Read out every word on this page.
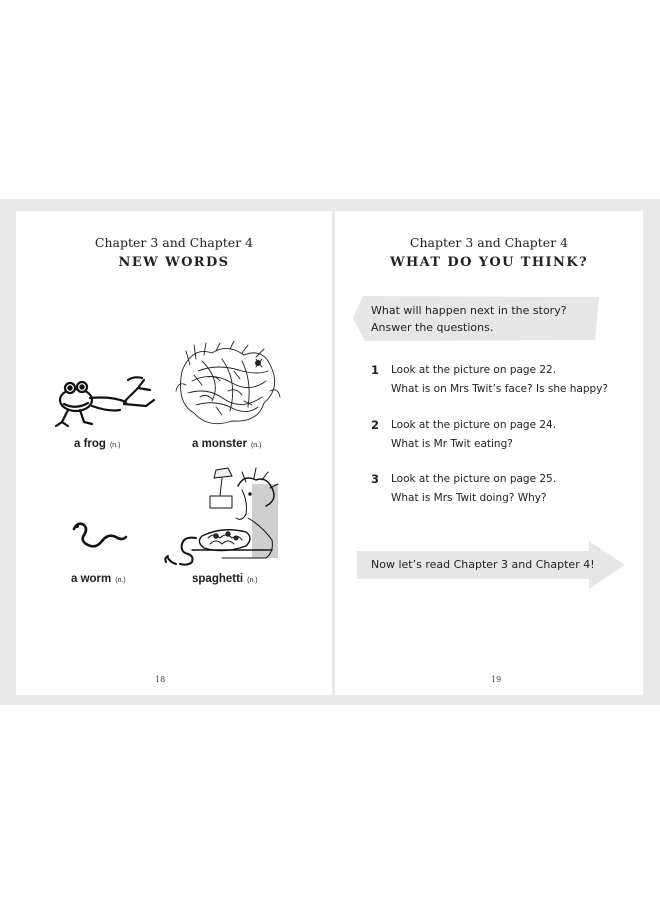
Chapter 3 and Chapter 4
NEW WORDS
a frog (n.)	a monster (n.)
a worm (n.)	spaghetti (n.)
18
Chapter 3 and Chapter 4
WHAT DO YOU THINK?
What will happen next in the story?
Answer the questions.
1 Look at the picture on page 22.
What is on Mrs Twit’s face? Is she happy?
2 Look at the picture on page 24.
What is Mr Twit eating?
3 Look at the picture on page 25.
What is Mrs Twit doing? Why?
Now let’s read Chapter 3 and Chapter 4!
19
